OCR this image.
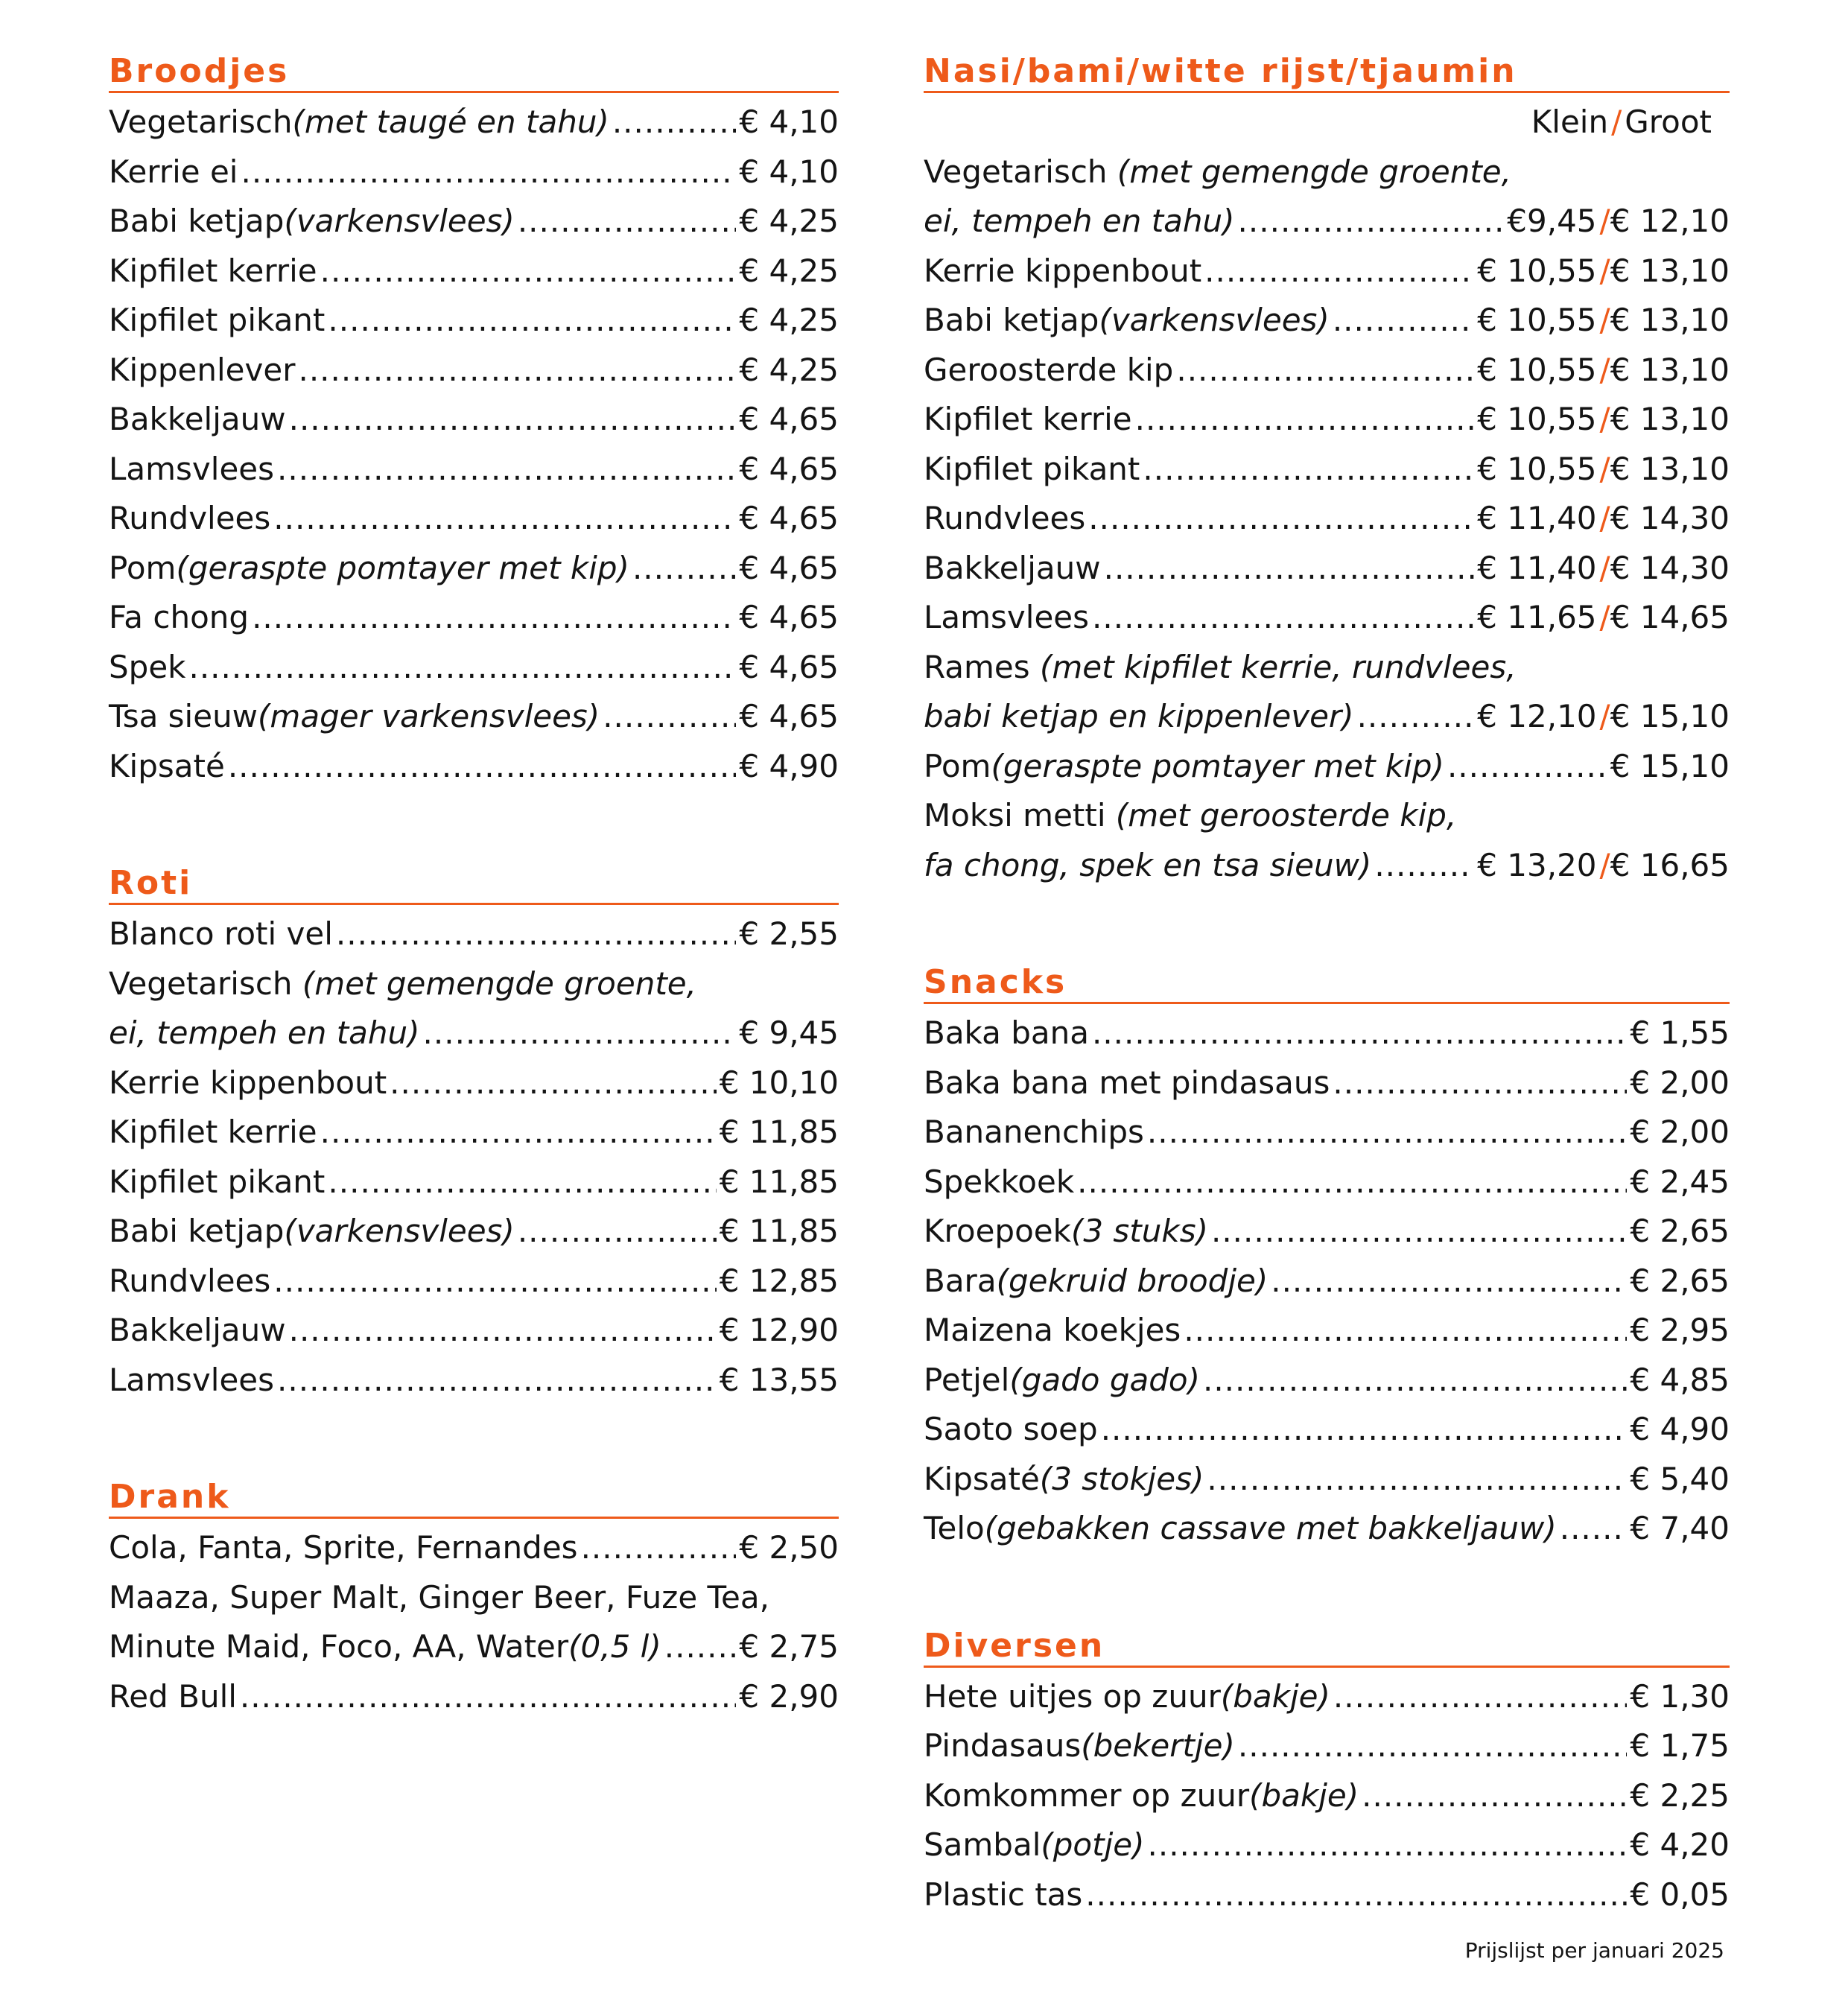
Broodjes
Vegetarisch (met taugé en tahu) .....	€ 4,10
Kerrie ei .....	€ 4,10
Babi ketjap (varkensvlees) .....	€ 4,25
Kipfilet kerrie .....	€ 4,25
Kipfilet pikant .....	€ 4,25
Kippenlever .....	€ 4,25
Bakkeljauw .....	€ 4,65
Lamsvlees .....	€ 4,65
Rundvlees .....	€ 4,65
Pom (geraspte pomtayer met kip) .....	€ 4,65
Fa chong .....	€ 4,65
Spek .....	€ 4,65
Tsa sieuw (mager varkensvlees) .....	€ 4,65
Kipsaté .....	€ 4,90
Roti
Blanco roti vel .....	€ 2,55
Vegetarisch (met gemengde groente,
ei, tempeh en tahu) .....	€ 9,45
Kerrie kippenbout .....	€ 10,10
Kipfilet kerrie .....	€ 11,85
Kipfilet pikant .....	€ 11,85
Babi ketjap (varkensvlees) .....	€ 11,85
Rundvlees .....	€ 12,85
Bakkeljauw .....	€ 12,90
Lamsvlees .....	€ 13,55
Drank
Cola, Fanta, Sprite, Fernandes .....	€ 2,50
Maaza, Super Malt, Ginger Beer, Fuze Tea,
Minute Maid, Foco, AA, Water (0,5 l) ..... € 2,75
Red Bull .....	€ 2,90
Nasi/bami/witte rijst/tjaumin
Klein / Groot
Vegetarisch (met gemengde groente,
ei, tempeh en tahu) .....	€9,45 / € 12,10
Kerrie kippenbout .....	€ 10,55 / € 13,10
Babi ketjap (varkensvlees) .....	€ 10,55 / € 13,10
Geroosterde kip .....	€ 10,55 / € 13,10
Kipfilet kerrie .....	€ 10,55 / € 13,10
Kipfilet pikant .....	€ 10,55 / € 13,10
Rundvlees .....	€ 11,40 / € 14,30
Bakkeljauw .....	€ 11,40 / € 14,30
Lamsvlees .....	€ 11,65 / € 14,65
Rames (met kipfilet kerrie, rundvlees,
babi ketjap en kippenlever) .....	€ 12,10 / € 15,10
Pom (geraspte pomtayer met kip) .....	€ 15,10
Moksi metti (met geroosterde kip,
fa chong, spek en tsa sieuw) .....	€ 13,20 / € 16,65
Snacks
Baka bana .....	€ 1,55
Baka bana met pindasaus .....	€ 2,00
Bananenchips .....	€ 2,00
Spekkoek .....	€ 2,45
Kroepoek (3 stuks) .....	€ 2,65
Bara (gekruid broodje) .....	€ 2,65
Maizena koekjes .....	€ 2,95
Petjel (gado gado) .....	€ 4,85
Saoto soep .....	€ 4,90
Kipsaté (3 stokjes) .....	€ 5,40
Telo (gebakken cassave met bakkeljauw) ..... € 7,40
Diversen
Hete uitjes op zuur (bakje) .....	€ 1,30
Pindasaus (bekertje) .....	€ 1,75
Komkommer op zuur (bakje) .....	€ 2,25
Sambal (potje) .....	€ 4,20
Plastic tas .....	€ 0,05
Prijslijst per januari 2025
